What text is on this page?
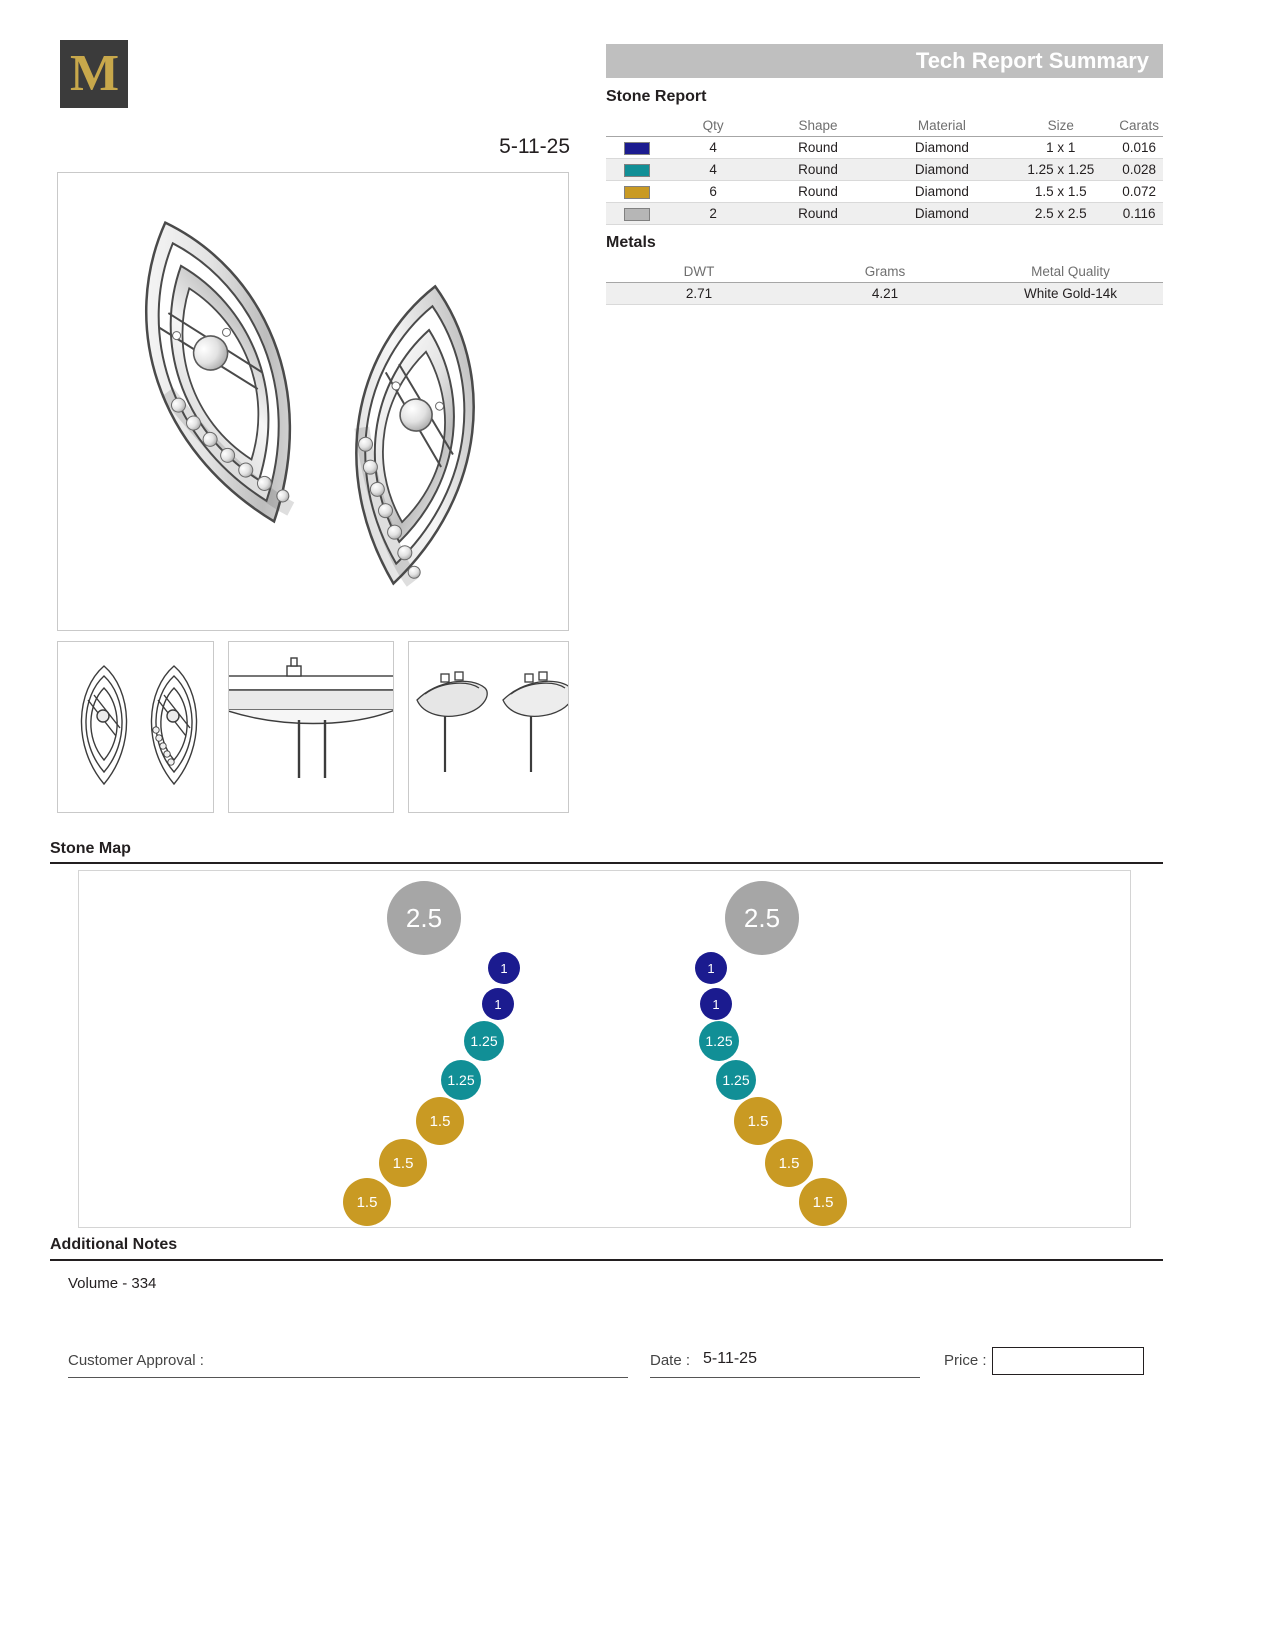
M
5-11-25
Tech Report Summary
Stone Report
	Qty	Shape	Material	Size	Carats
	4	Round	Diamond	1 x 1	0.016
	4	Round	Diamond	1.25 x 1.25	0.028
	6	Round	Diamond	1.5 x 1.5	0.072
	2	Round	Diamond	2.5 x 2.5	0.116
Metals
DWT	Grams	Metal Quality
2.71	4.21	White Gold-14k
Stone Map
2.5
1
1
1.25
1.25
1.5
1.5
1.5
2.5
1
1
1.25
1.25
1.5
1.5
1.5
Additional Notes
Volume - 334
Customer Approval :	Date : 5-11-25	Price :
